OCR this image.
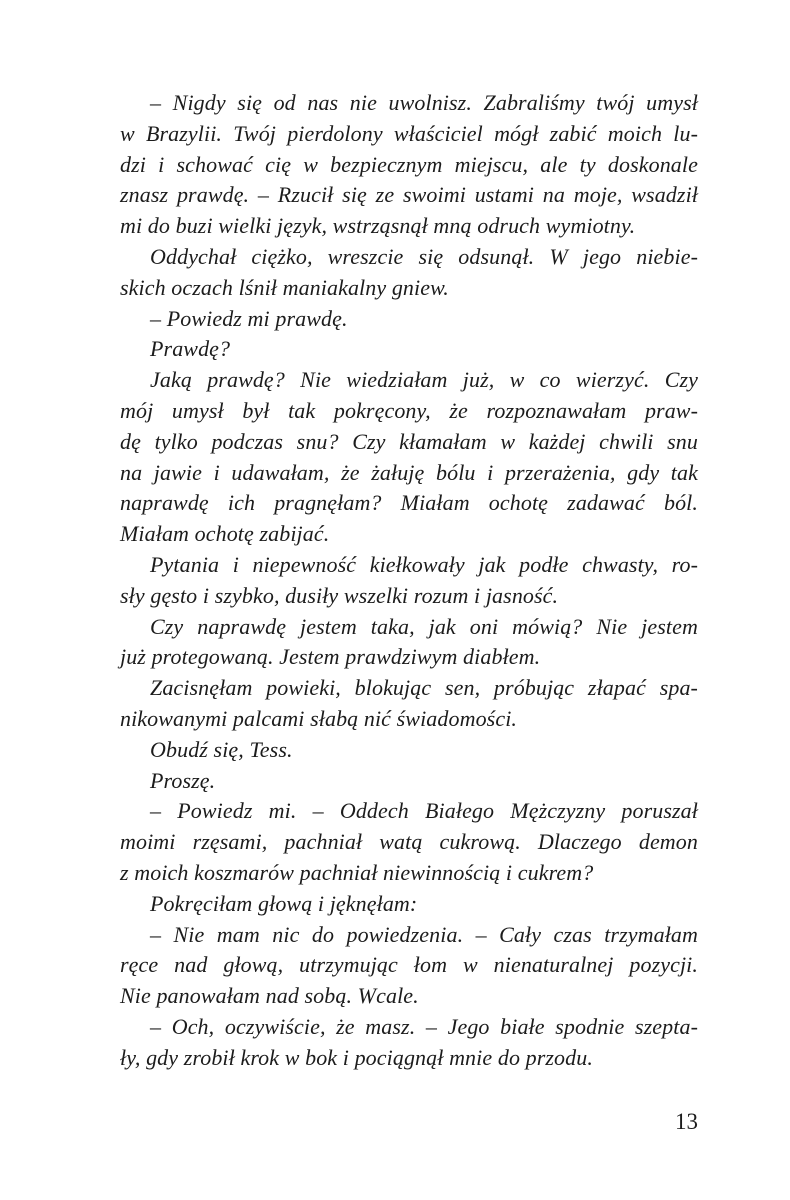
– Nigdy się od nas nie uwolnisz. Zabraliśmy twój umysł
w Brazylii. Twój pierdolony właściciel mógł zabić moich lu-
dzi i schować cię w bezpiecznym miejscu, ale ty doskonale
znasz prawdę. – Rzucił się ze swoimi ustami na moje, wsadził
mi do buzi wielki język, wstrząsnął mną odruch wymiotny.

Oddychał ciężko, wreszcie się odsunął. W jego niebie-
skich oczach lśnił maniakalny gniew.

– Powiedz mi prawdę.

Prawdę?

Jaką prawdę? Nie wiedziałam już, w co wierzyć. Czy
mój umysł był tak pokręcony, że rozpoznawałam praw-
dę tylko podczas snu? Czy kłamałam w każdej chwili snu
na jawie i udawałam, że żałuję bólu i przerażenia, gdy tak
naprawdę ich pragnęłam? Miałam ochotę zadawać ból.
Miałam ochotę zabijać.

Pytania i niepewność kiełkowały jak podłe chwasty, ro-
sły gęsto i szybko, dusiły wszelki rozum i jasność.

Czy naprawdę jestem taka, jak oni mówią? Nie jestem
już protegowaną. Jestem prawdziwym diabłem.

Zacisnęłam powieki, blokując sen, próbując złapać spa-
nikowanymi palcami słabą nić świadomości.

Obudź się, Tess.

Proszę.

– Powiedz mi. – Oddech Białego Mężczyzny poruszał
moimi rzęsami, pachniał watą cukrową. Dlaczego demon
z moich koszmarów pachniał niewinnością i cukrem?

Pokręciłam głową i jęknęłam:

– Nie mam nic do powiedzenia. – Cały czas trzymałam
ręce nad głową, utrzymując łom w nienaturalnej pozycji.
Nie panowałam nad sobą. Wcale.

– Och, oczywiście, że masz. – Jego białe spodnie szepta-
ły, gdy zrobił krok w bok i pociągnął mnie do przodu.

13
